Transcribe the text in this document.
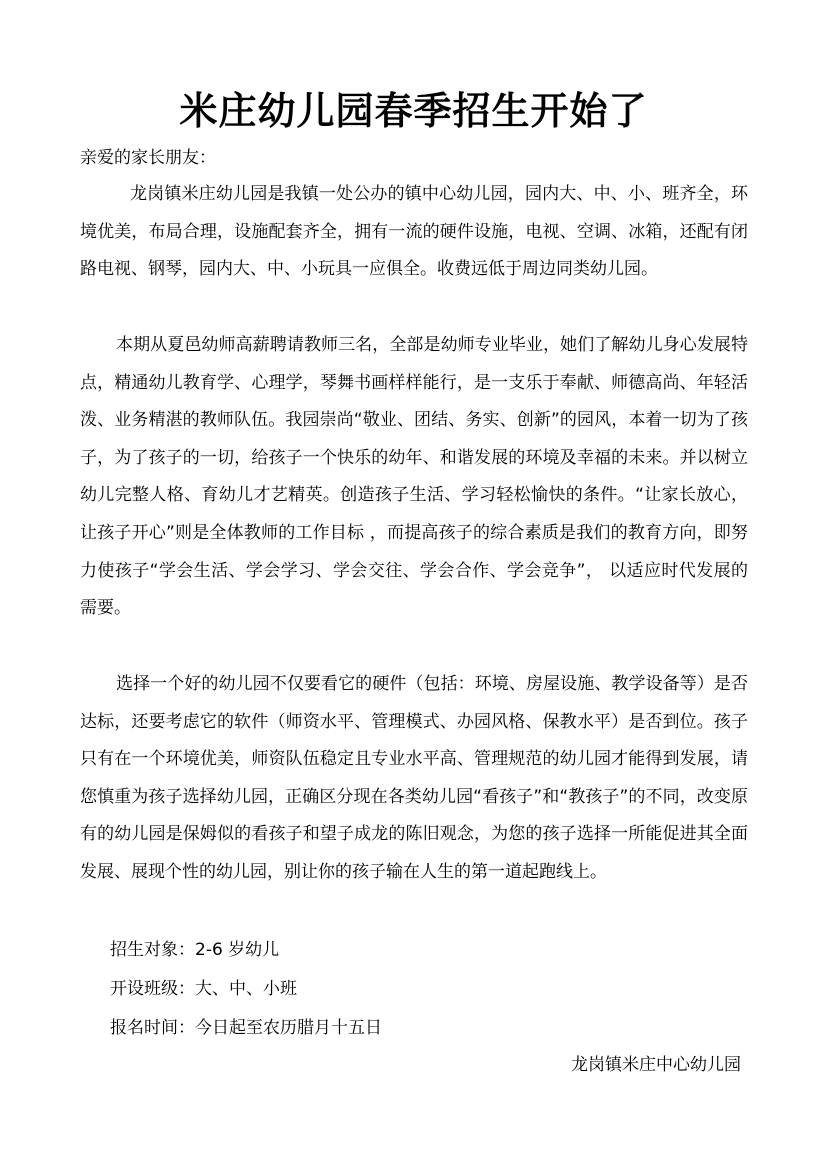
米庄幼儿园春季招生开始了

亲爱的家长朋友：

龙岗镇米庄幼儿园是我镇一处公办的镇中心幼儿园，园内大、中、小、班齐全，环境优美，布局合理，设施配套齐全，拥有一流的硬件设施，电视、空调、冰箱，还配有闭路电视、钢琴，园内大、中、小玩具一应俱全。收费远低于周边同类幼儿园。

本期从夏邑幼师高薪聘请教师三名，全部是幼师专业毕业，她们了解幼儿身心发展特点，精通幼儿教育学、心理学，琴舞书画样样能行，是一支乐于奉献、师德高尚、年轻活泼、业务精湛的教师队伍。我园崇尚“敬业、团结、务实、创新”的园风，本着一切为了孩子，为了孩子的一切，给孩子一个快乐的幼年、和谐发展的环境及幸福的未来。并以树立幼儿完整人格、育幼儿才艺精英。创造孩子生活、学习轻松愉快的条件。“让家长放心，让孩子开心”则是全体教师的工作目标 ，而提高孩子的综合素质是我们的教育方向，即努力使孩子“学会生活、学会学习、学会交往、学会合作、学会竞争”， 以适应时代发展的需要。

选择一个好的幼儿园不仅要看它的硬件（包括：环境、房屋设施、教学设备等）是否达标，还要考虑它的软件（师资水平、管理模式、办园风格、保教水平）是否到位。孩子只有在一个环境优美，师资队伍稳定且专业水平高、管理规范的幼儿园才能得到发展，请您慎重为孩子选择幼儿园，正确区分现在各类幼儿园“看孩子”和“教孩子”的不同，改变原有的幼儿园是保姆似的看孩子和望子成龙的陈旧观念，为您的孩子选择一所能促进其全面发展、展现个性的幼儿园，别让你的孩子输在人生的第一道起跑线上。

招生对象：2-6 岁幼儿

开设班级：大、中、小班

报名时间：今日起至农历腊月十五日

龙岗镇米庄中心幼儿园
